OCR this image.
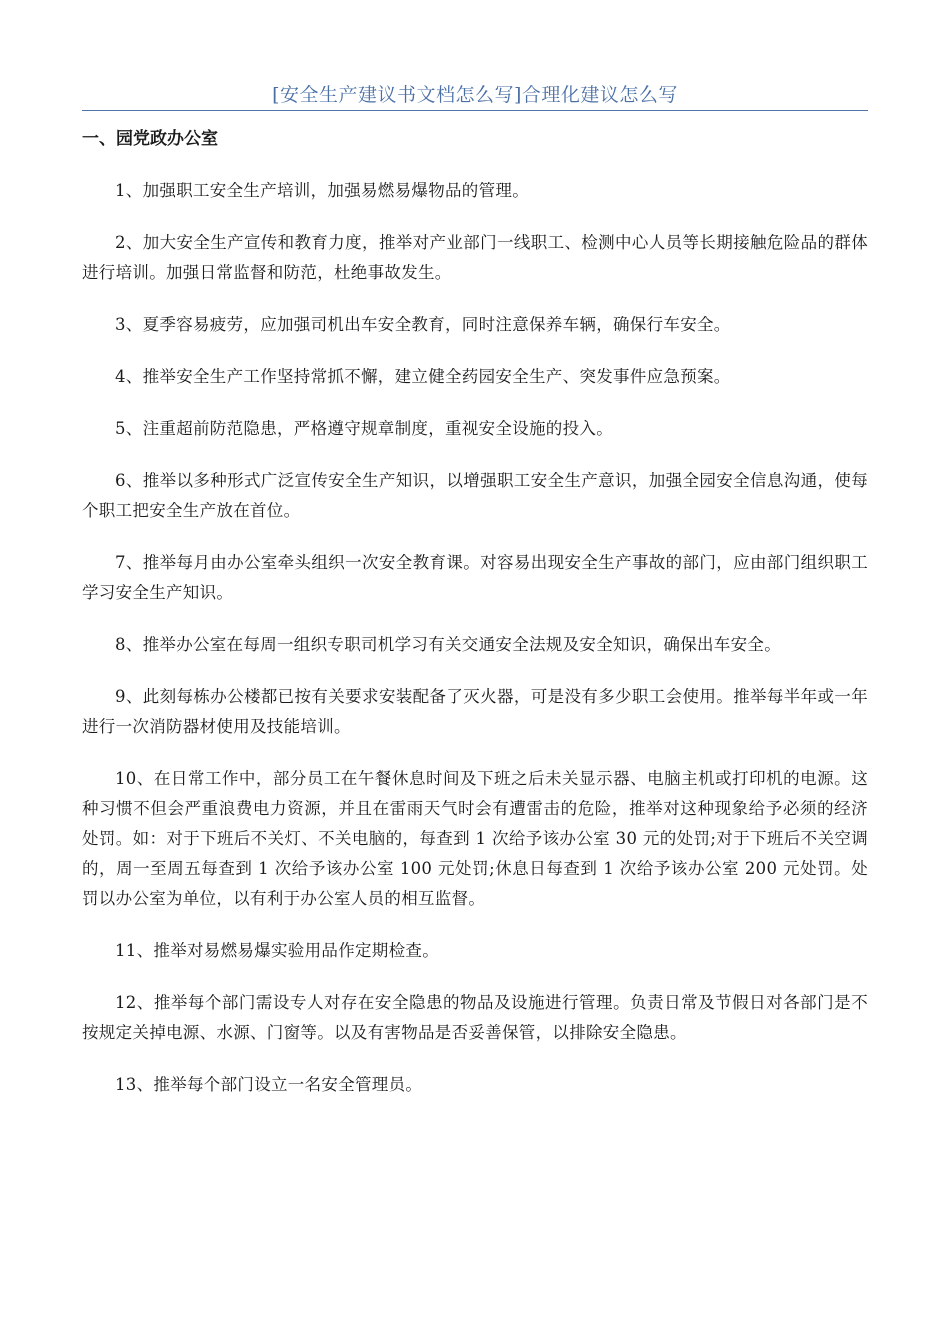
[安全生产建议书文档怎么写]合理化建议怎么写
一、园党政办公室

1、加强职工安全生产培训，加强易燃易爆物品的管理。

2、加大安全生产宣传和教育力度，推举对产业部门一线职工、检测中心人员等长期接触危险品的群体进行培训。加强日常监督和防范，杜绝事故发生。

3、夏季容易疲劳，应加强司机出车安全教育，同时注意保养车辆，确保行车安全。

4、推举安全生产工作坚持常抓不懈，建立健全药园安全生产、突发事件应急预案。

5、注重超前防范隐患，严格遵守规章制度，重视安全设施的投入。

6、推举以多种形式广泛宣传安全生产知识，以增强职工安全生产意识，加强全园安全信息沟通，使每个职工把安全生产放在首位。

7、推举每月由办公室牵头组织一次安全教育课。对容易出现安全生产事故的部门，应由部门组织职工学习安全生产知识。

8、推举办公室在每周一组织专职司机学习有关交通安全法规及安全知识，确保出车安全。

9、此刻每栋办公楼都已按有关要求安装配备了灭火器，可是没有多少职工会使用。推举每半年或一年进行一次消防器材使用及技能培训。

10、在日常工作中，部分员工在午餐休息时间及下班之后未关显示器、电脑主机或打印机的电源。这种习惯不但会严重浪费电力资源，并且在雷雨天气时会有遭雷击的危险，推举对这种现象给予必须的经济处罚。如：对于下班后不关灯、不关电脑的，每查到 1 次给予该办公室 30 元的处罚;对于下班后不关空调的，周一至周五每查到 1 次给予该办公室 100 元处罚;休息日每查到 1 次给予该办公室 200 元处罚。处罚以办公室为单位，以有利于办公室人员的相互监督。

11、推举对易燃易爆实验用品作定期检查。

12、推举每个部门需设专人对存在安全隐患的物品及设施进行管理。负责日常及节假日对各部门是不按规定关掉电源、水源、门窗等。以及有害物品是否妥善保管，以排除安全隐患。

13、推举每个部门设立一名安全管理员。
